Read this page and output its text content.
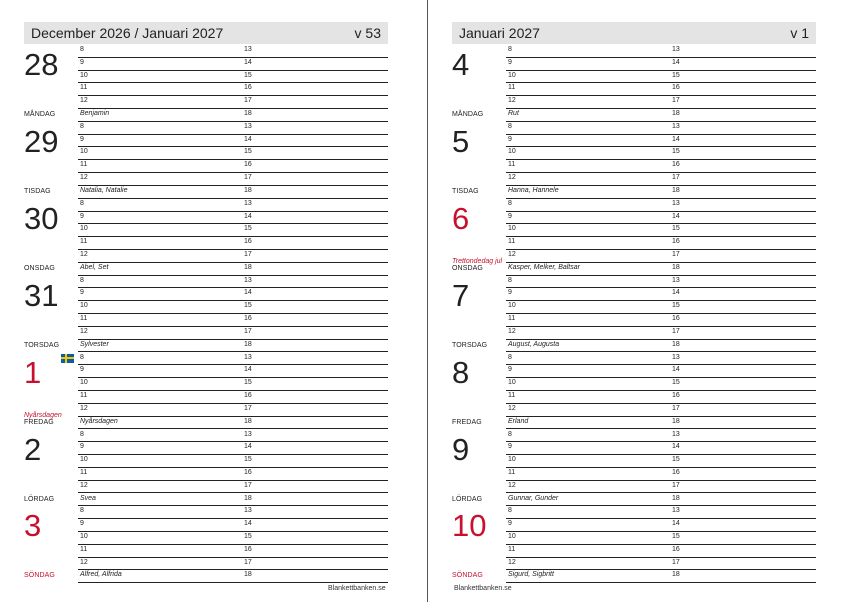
December 2026 / Januari 2027	v 53
28
MÅNDAG
8	13
9	14
10	15
11	16
12	17
Benjamin	18
29
TISDAG
8	13
9	14
10	15
11	16
12	17
Natalia, Natalie	18
30
ONSDAG
8	13
9	14
10	15
11	16
12	17
Abel, Set	18
31
TORSDAG
8	13
9	14
10	15
11	16
12	17
Sylvester	18
1
Nyårsdagen
FREDAG
8	13
9	14
10	15
11	16
12	17
Nyårsdagen	18
2
LÖRDAG
8	13
9	14
10	15
11	16
12	17
Svea	18
3
SÖNDAG
8	13
9	14
10	15
11	16
12	17
Alfred, Alfrida	18
Blankettbanken.se
Januari 2027	v 1
4
MÅNDAG
8	13
9	14
10	15
11	16
12	17
Rut	18
5
TISDAG
8	13
9	14
10	15
11	16
12	17
Hanna, Hannele	18
6
Trettondedag jul
ONSDAG
8	13
9	14
10	15
11	16
12	17
Kasper, Melker, Baltsar	18
7
TORSDAG
8	13
9	14
10	15
11	16
12	17
August, Augusta	18
8
FREDAG
8	13
9	14
10	15
11	16
12	17
Erland	18
9
LÖRDAG
8	13
9	14
10	15
11	16
12	17
Gunnar, Gunder	18
10
SÖNDAG
8	13
9	14
10	15
11	16
12	17
Sigurd, Sigbritt	18
Blankettbanken.se
